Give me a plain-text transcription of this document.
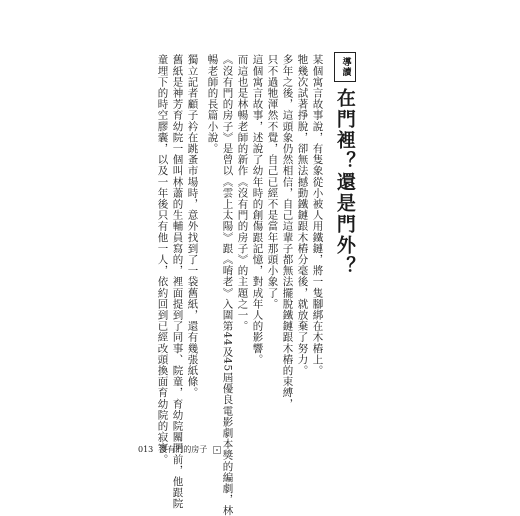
導讀
在門裡？還是門外？
某個寓言故事說，有隻象從小被人用鐵鏈，將一隻腳綁在木樁上。
牠幾次試著掙脫，卻無法撼動鐵鏈跟木樁分毫後，就放棄了努力。
多年之後，這頭象仍然相信，自己這輩子都無法擺脫鐵鏈跟木樁的束縛，
只不過牠渾然不覺，自己已經不是當年那頭小象了。
這個寓言故事，述說了幼年時的創傷跟記憶，對成年人的影響。
而這也是林暢老師的新作《沒有門的房子》的主題之一。
《沒有門的房子》是曾以《雲上太陽》跟《唷老》入圍第44及45屆優良電影劇本獎的編劇，林
暢老師的長篇小說。
獨立記者顧子衿在跳蚤市場時，意外找到了一袋舊紙，還有幾張紙條。
舊紙是神芳育幼院一個叫林蕭的生輔員寫的，裡面提到了同事、院童，育幼院關閉前，他跟院
童埋下的時空膠囊，以及一年後只有他一人，依約回到已經改頭換面育幼院的寂寥。
013 沒有門的房子
